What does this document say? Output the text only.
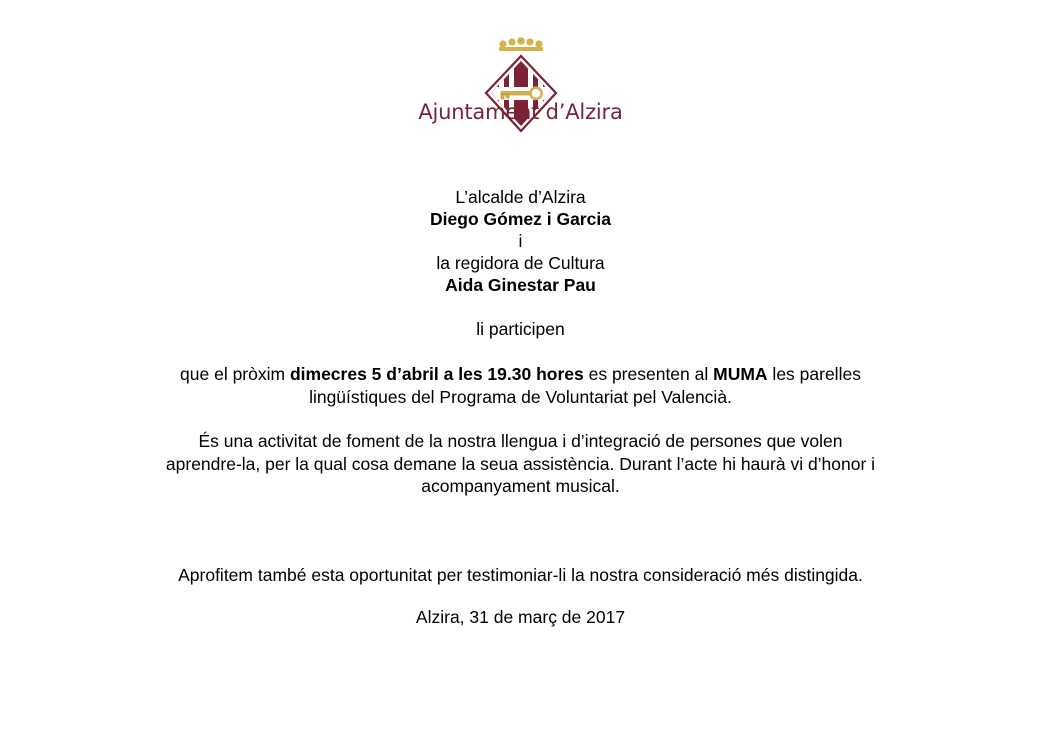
Ajuntament d’Alzira
L’alcalde d’Alzira
Diego Gómez i Garcia
i
la regidora de Cultura
Aida Ginestar Pau
li participen
que el pròxim dimecres 5 d’abril a les 19.30 hores es presenten al MUMA les parelles
lingüístiques del Programa de Voluntariat pel Valencià.
És una activitat de foment de la nostra llengua i d’integració de persones que volen
aprendre-la, per la qual cosa demane la seua assistència. Durant l’acte hi haurà vi d’honor i
acompanyament musical.
Aprofitem també esta oportunitat per testimoniar-li la nostra consideració més distingida.
Alzira, 31 de març de 2017
